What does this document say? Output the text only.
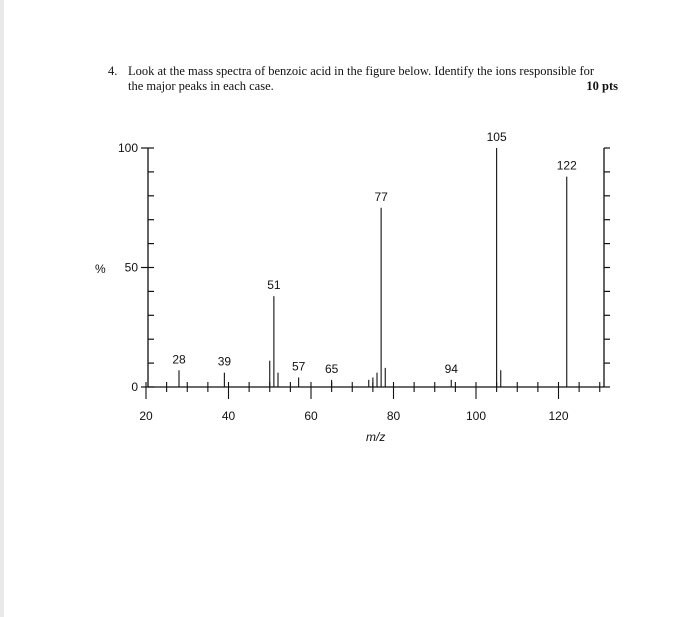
4. Look at the mass spectra of benzoic acid in the figure below. Identify the ions responsible for
the major peaks in each case.	10 pts
0
50
100
20	40	60	80	100	120
28	39
51
57 65
77
94
105
122
%
m/z
